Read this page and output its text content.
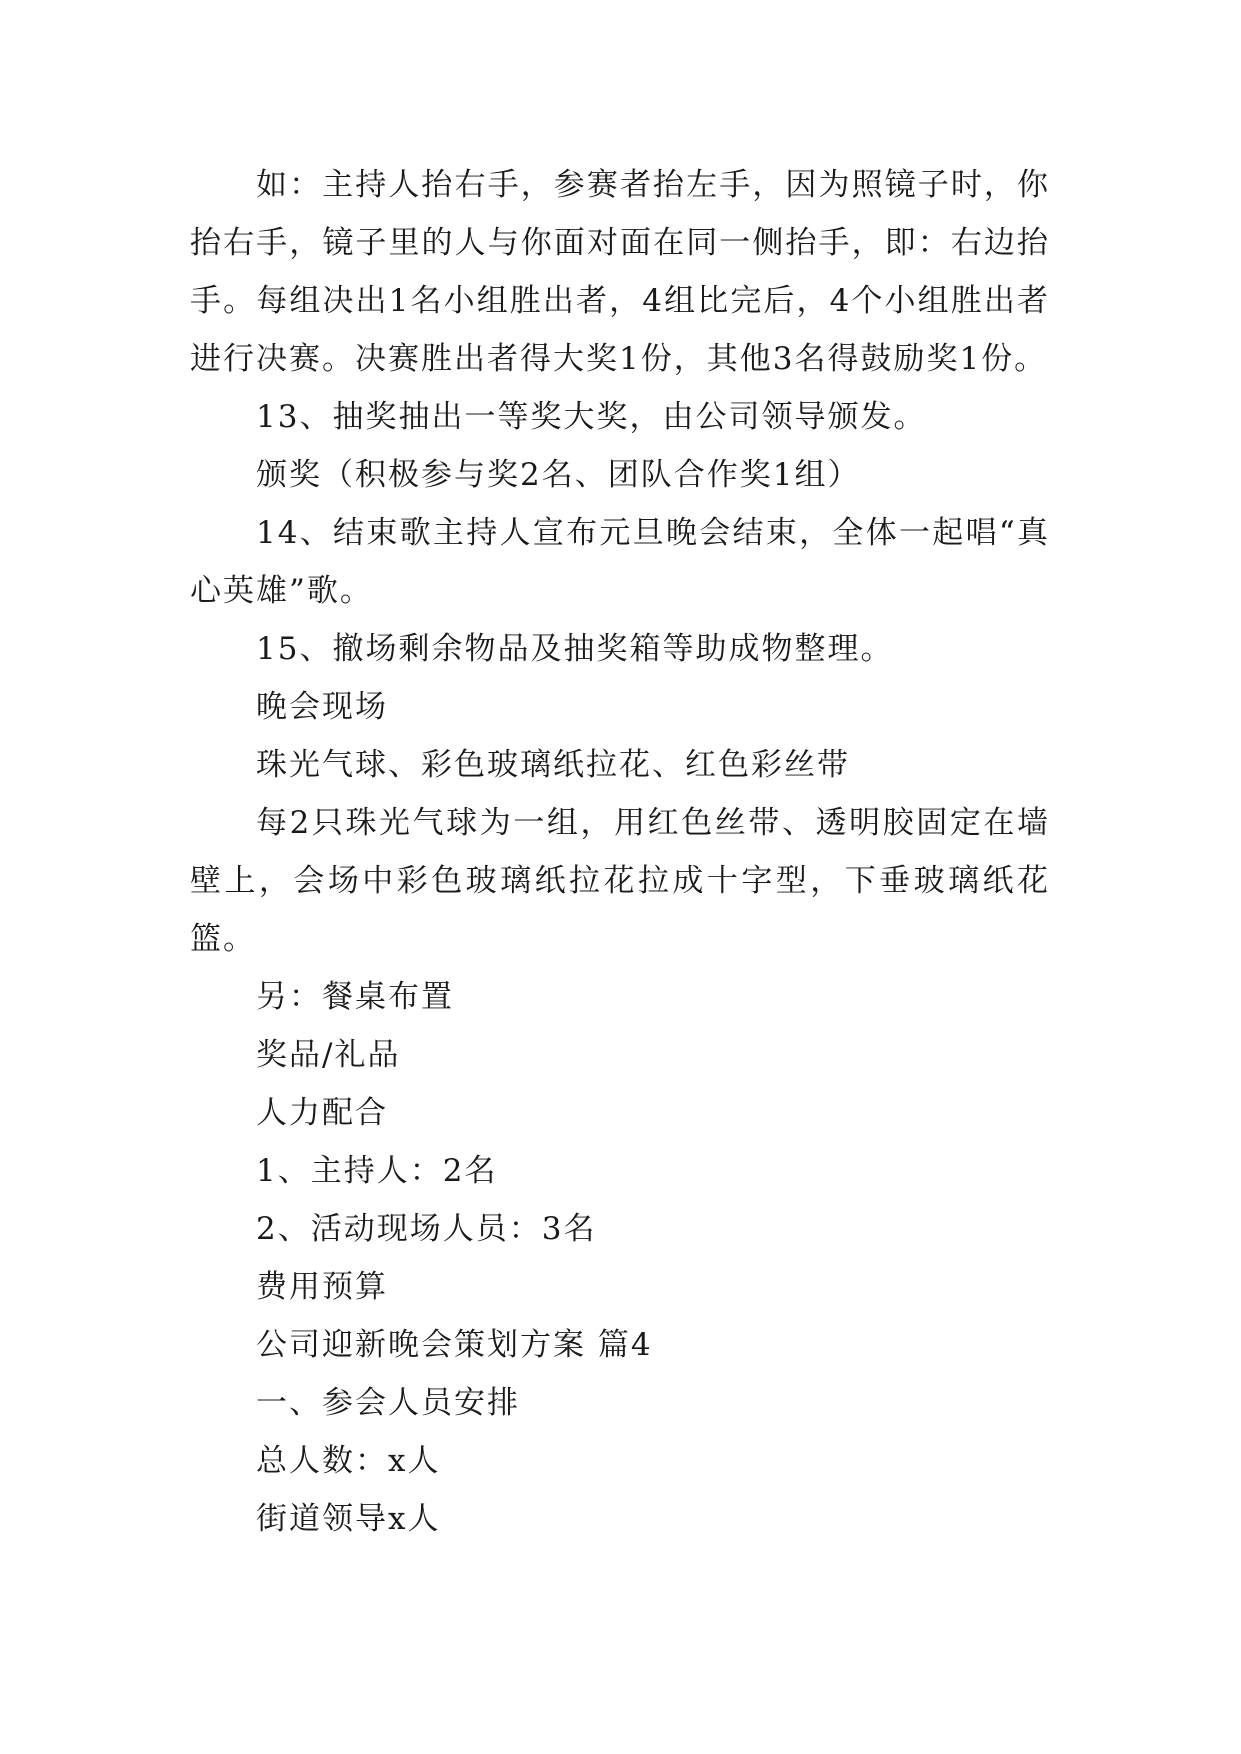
如：主持人抬右手，参赛者抬左手，因为照镜子时，你抬右手，镜子里的人与你面对面在同一侧抬手，即：右边抬手。每组决出1名小组胜出者，4组比完后，4个小组胜出者进行决赛。决赛胜出者得大奖1份，其他3名得鼓励奖1份。

13、抽奖抽出一等奖大奖，由公司领导颁发。

颁奖（积极参与奖2名、团队合作奖1组）

14、结束歌主持人宣布元旦晚会结束，全体一起唱“真心英雄”歌。

15、撤场剩余物品及抽奖箱等助成物整理。

晚会现场

珠光气球、彩色玻璃纸拉花、红色彩丝带

每2只珠光气球为一组，用红色丝带、透明胶固定在墙壁上，会场中彩色玻璃纸拉花拉成十字型，下垂玻璃纸花篮。

另：餐桌布置

奖品/礼品

人力配合

1、主持人：2名

2、活动现场人员：3名

费用预算

公司迎新晚会策划方案 篇4

一、参会人员安排

总人数：x人

街道领导x人
